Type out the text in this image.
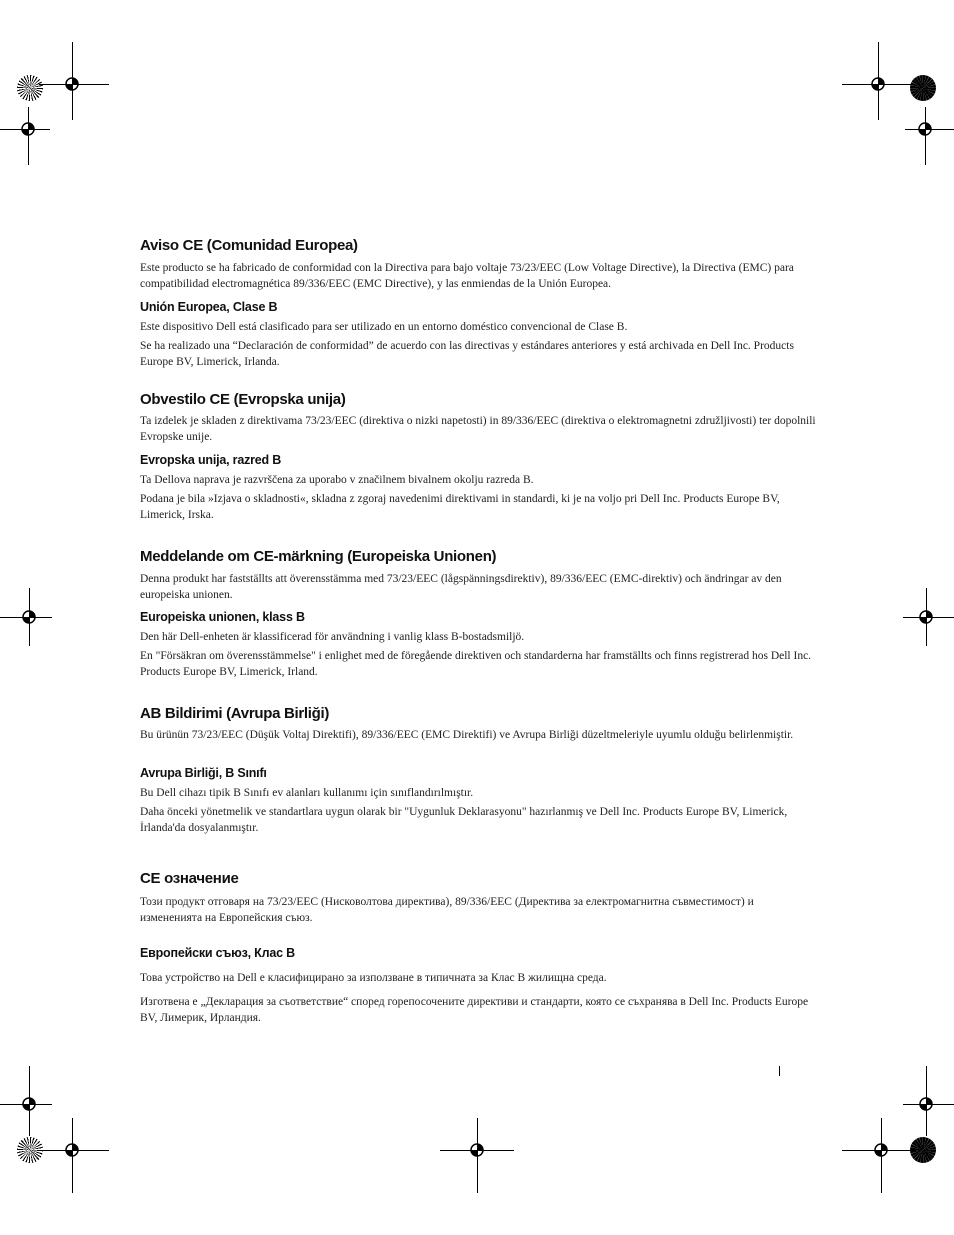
Aviso CE (Comunidad Europea)
Este producto se ha fabricado de conformidad con la Directiva para bajo voltaje 73/23/EEC (Low Voltage Directive), la Directiva (EMC) para compatibilidad electromagnética 89/336/EEC (EMC Directive), y las enmiendas de la Unión Europea.
Unión Europea, Clase B
Este dispositivo Dell está clasificado para ser utilizado en un entorno doméstico convencional de Clase B.
Se ha realizado una “Declaración de conformidad” de acuerdo con las directivas y estándares anteriores y está archivada en Dell Inc. Products Europe BV, Limerick, Irlanda.
Obvestilo CE (Evropska unija)
Ta izdelek je skladen z direktivama 73/23/EEC (direktiva o nizki napetosti) in 89/336/EEC (direktiva o elektromagnetni združljivosti) ter dopolnili Evropske unije.
Evropska unija, razred B
Ta Dellova naprava je razvrščena za uporabo v značilnem bivalnem okolju razreda B.
Podana je bila »Izjava o skladnosti«, skladna z zgoraj navedenimi direktivami in standardi, ki je na voljo pri Dell Inc. Products Europe BV, Limerick, Irska.
Meddelande om CE-märkning (Europeiska Unionen)
Denna produkt har fastställts att överensstämma med 73/23/EEC (lågspänningsdirektiv), 89/336/EEC (EMC-direktiv) och ändringar av den europeiska unionen.
Europeiska unionen, klass B
Den här Dell-enheten är klassificerad för användning i vanlig klass B-bostadsmiljö.
En "Försäkran om överensstämmelse" i enlighet med de föregående direktiven och standarderna har framställts och finns registrerad hos Dell Inc. Products Europe BV, Limerick, Irland.
AB Bildirimi (Avrupa Birliği)
Bu ürünün 73/23/EEC (Düşük Voltaj Direktifi), 89/336/EEC (EMC Direktifi) ve Avrupa Birliği düzeltmeleriyle uyumlu olduğu belirlenmiştir.
Avrupa Birliği, B Sınıfı
Bu Dell cihazı tipik B Sınıfı ev alanları kullanımı için sınıflandırılmıştır.
Daha önceki yönetmelik ve standartlara uygun olarak bir "Uygunluk Deklarasyonu" hazırlanmış ve Dell Inc. Products Europe BV, Limerick, İrlanda'da dosyalanmıştır.
CE означение
Този продукт отговаря на 73/23/EEC (Нисковолтова директива), 89/336/EEC (Директива за електромагнитна съвместимост) и измененията на Европейския съюз.
Европейски съюз, Клас B
Това устройство на Dell е класифицирано за използване в типичната за Клас B жилищна среда.
Изготвена е „Декларация за съответствие“ според горепосочените директиви и стандарти, която се съхранява в Dell Inc. Products Europe BV, Лимерик, Ирландия.
